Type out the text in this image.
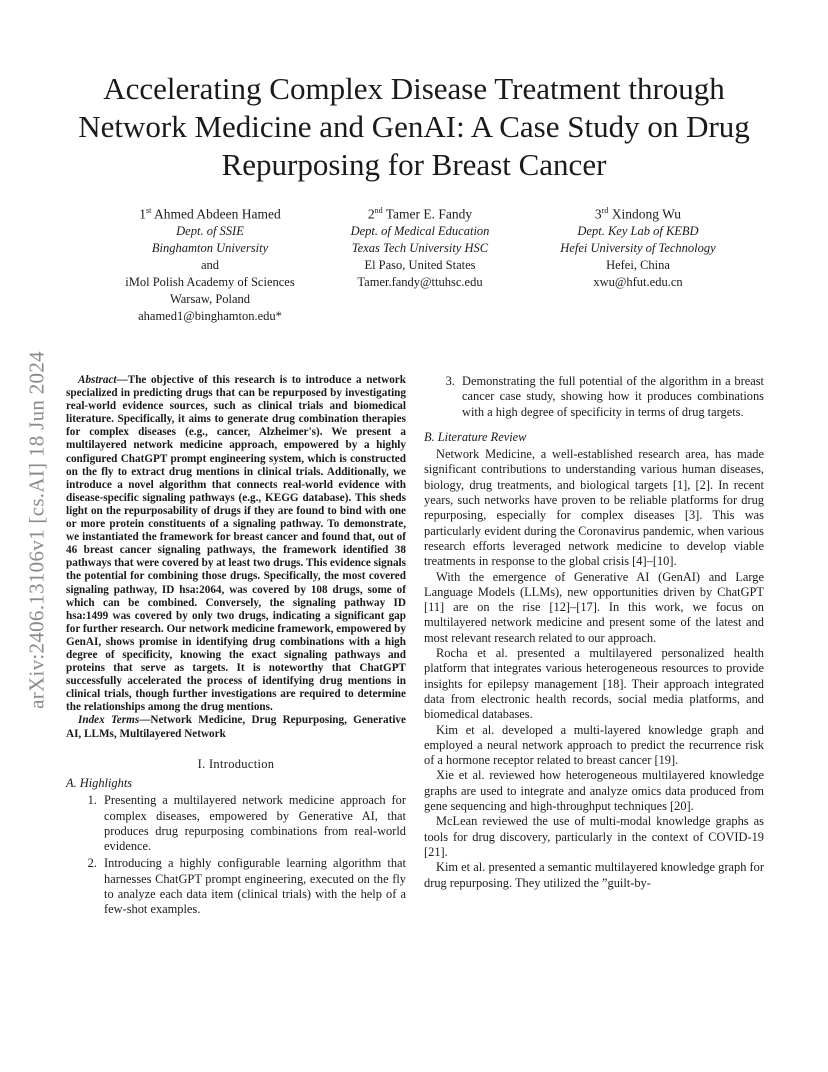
Accelerating Complex Disease Treatment through Network Medicine and GenAI: A Case Study on Drug Repurposing for Breast Cancer
1st Ahmed Abdeen Hamed
Dept. of SSIE
Binghamton University
and
iMol Polish Academy of Sciences
Warsaw, Poland
ahamed1@binghamton.edu*
2nd Tamer E. Fandy
Dept. of Medical Education
Texas Tech University HSC
El Paso, United States
Tamer.fandy@ttuhsc.edu
3rd Xindong Wu
Dept. Key Lab of KEBD
Hefei University of Technology
Hefei, China
xwu@hfut.edu.cn
arXiv:2406.13106v1 [cs.AI] 18 Jun 2024	Abstract—The objective of this research is to introduce a network specialized in predicting drugs that can be repurposed by investigating real-world evidence sources, such as clinical trials and biomedical literature. Specifically, it aims to generate drug combination therapies for complex diseases (e.g., cancer, Alzheimer's). We present a multilayered network medicine approach, empowered by a highly configured ChatGPT prompt engineering system, which is constructed on the fly to extract drug mentions in clinical trials. Additionally, we introduce a novel algorithm that connects real-world evidence with disease-specific signaling pathways (e.g., KEGG database). This sheds light on the repurposability of drugs if they are found to bind with one or more protein constituents of a signaling pathway. To demonstrate, we instantiated the framework for breast cancer and found that, out of 46 breast cancer signaling pathways, the framework identified 38 pathways that were covered by at least two drugs. This evidence signals the potential for combining those drugs. Specifically, the most covered signaling pathway, ID hsa:2064, was covered by 108 drugs, some of which can be combined. Conversely, the signaling pathway ID hsa:1499 was covered by only two drugs, indicating a significant gap for further research. Our network medicine framework, empowered by GenAI, shows promise in identifying drug combinations with a high degree of specificity, knowing the exact signaling pathways and proteins that serve as targets. It is noteworthy that ChatGPT successfully accelerated the process of identifying drug mentions in clinical trials, though further investigations are required to determine the relationships among the drug mentions.

Index Terms—Network Medicine, Drug Repurposing, Generative AI, LLMs, Multilayered Network

I. Introduction
A. Highlights
1. Presenting a multilayered network medicine approach for complex diseases, empowered by Generative AI, that produces drug repurposing combinations from real-world evidence.
2. Introducing a highly configurable learning algorithm that harnesses ChatGPT prompt engineering, executed on the fly to analyze each data item (clinical trials) with the help of a few-shot examples.
3. Demonstrating the full potential of the algorithm in a breast cancer case study, showing how it produces combinations with a high degree of specificity in terms of drug targets.
B. Literature Review

Network Medicine, a well-established research area, has made significant contributions to understanding various human diseases, biology, drug treatments, and biological targets [1], [2]. In recent years, such networks have proven to be reliable platforms for drug repurposing, especially for complex diseases [3]. This was particularly evident during the Coronavirus pandemic, when various research efforts leveraged network medicine to develop viable treatments in response to the global crisis [4]–[10].

With the emergence of Generative AI (GenAI) and Large Language Models (LLMs), new opportunities driven by ChatGPT [11] are on the rise [12]–[17]. In this work, we focus on multilayered network medicine and present some of the latest and most relevant research related to our approach.

Rocha et al. presented a multilayered personalized health platform that integrates various heterogeneous resources to provide insights for epilepsy management [18]. Their approach integrated data from electronic health records, social media platforms, and biomedical databases.

Kim et al. developed a multi-layered knowledge graph and employed a neural network approach to predict the recurrence risk of a hormone receptor related to breast cancer [19].

Xie et al. reviewed how heterogeneous multilayered knowledge graphs are used to integrate and analyze omics data produced from gene sequencing and high-throughput techniques [20].

McLean reviewed the use of multi-modal knowledge graphs as tools for drug discovery, particularly in the context of COVID-19 [21].

Kim et al. presented a semantic multilayered knowledge graph for drug repurposing. They utilized the ”guilt-by-
